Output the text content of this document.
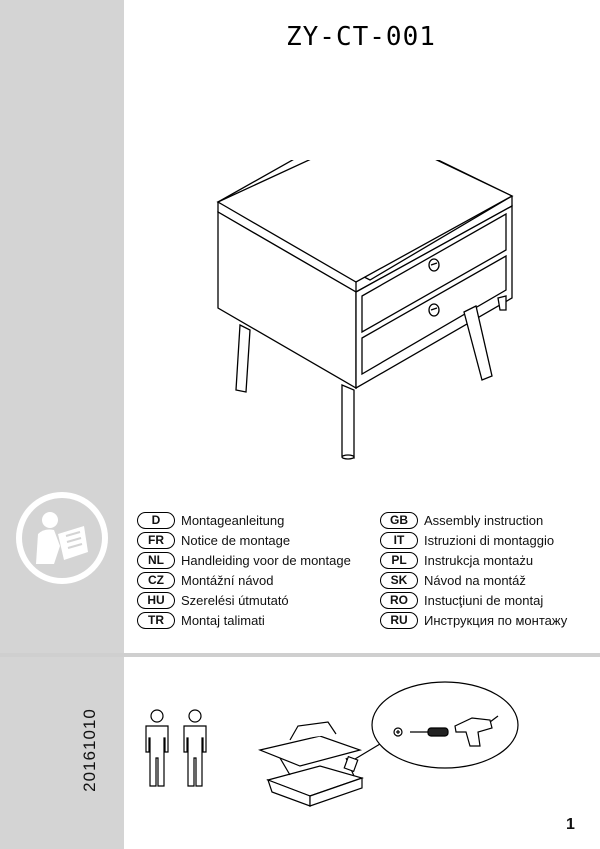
ZY-CT-001
D	Montageanleitung
FR	Notice de montage
NL	Handleiding voor de montage
CZ	Montážní návod
HU	Szerelési útmutató
TR	Montaj talimati
GB	Assembly instruction
IT	Istruzioni di montaggio
PL	Instrukcja montażu
SK	Návod na montáž
RO	Instucţiuni de montaj
RU	Инструкция по монтажу
20161010
1
